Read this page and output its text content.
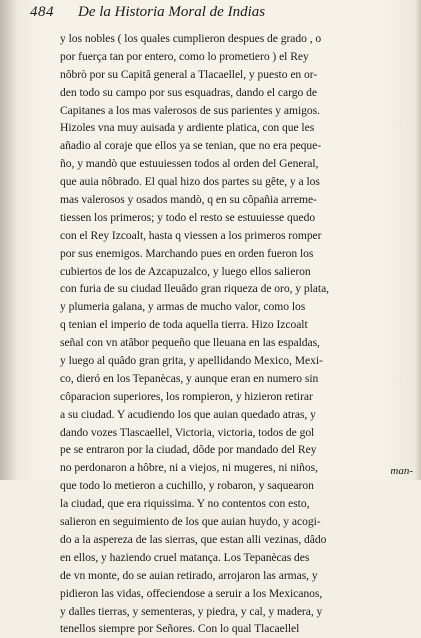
484 De la Historia Moral de Indias
y los nobles ( los quales cumplieron despues de grado , o
por fuerça tan por entero, como lo prometiero ) el Rey
nôbrò por su Capitâ general a Tlacaellel, y puesto en or-
den todo su campo por sus esquadras, dando el cargo de
Capitanes a los mas valerosos de sus parientes y amigos.
Hizoles vna muy auisada y ardiente platica, con que les
añadio al coraje que ellos ya se tenian, que no era peque-
ño, y mandò que estuuiessen todos al orden del General,
que auia nôbrado. El qual hizo dos partes su gête, y a los
mas valerosos y osados mandò, q en su côpañia arreme-
tiessen los primeros; y todo el resto se estuuiesse quedo
con el Rey Izcoalt, hasta q viessen a los primeros romper
por sus enemigos. Marchando pues en orden fueron los
cubiertos de los de Azcapuzalco, y luego ellos salieron
con furia de su ciudad lleuâdo gran riqueza de oro, y plata,
y plumeria galana, y armas de mucho valor, como los
q tenian el imperio de toda aquella tierra. Hizo Izcoalt
señal con vn atâbor pequeño que lleuana en las espaldas,
y luego al quâdo gran grita, y apellidando Mexico, Mexi-
co, dieró en los Tepanècas, y aunque eran en numero sin
côparacion superiores, los rompieron, y hizieron retirar
a su ciudad. Y acudiendo los que auian quedado atras, y
dando vozes Tlascaellel, Victoria, victoria, todos de gol
pe se entraron por la ciudad, dôde por mandado del Rey
no perdonaron a hôbre, ni a viejos, ni mugeres, ni niños,
que todo lo metieron a cuchillo, y robaron, y saquearon
la ciudad, que era riquissima. Y no contentos con esto,
salieron en seguimiento de los que auian huydo, y acogi-
do a la aspereza de las sierras, que estan alli vezinas, dâdo
en ellos, y haziendo cruel matança. Los Tepanècas des
de vn monte, do se auian retirado, arrojaron las armas, y
pidieron las vidas, offeciendose a seruir a los Mexicanos,
y dalles tierras, y sementeras, y piedra, y cal, y madera, y
tenellos siempre por Señores. Con lo qual Tlacaellel
man-
